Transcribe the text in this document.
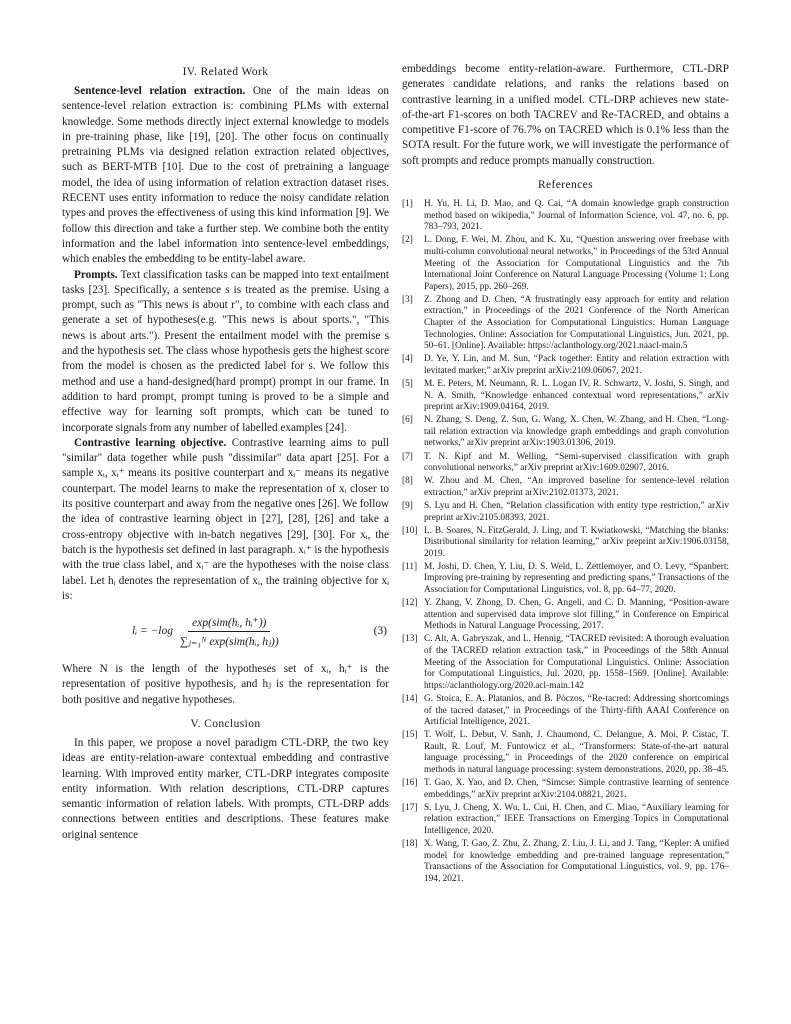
IV. Related Work

Sentence-level relation extraction. One of the main ideas on sentence-level relation extraction is: combining PLMs with external knowledge. Some methods directly inject external knowledge to models in pre-training phase, like [19], [20]. The other focus on continually pretraining PLMs via designed relation extraction related objectives, such as BERT-MTB [10]. Due to the cost of pretraining a language model, the idea of using information of relation extraction dataset rises. RECENT uses entity information to reduce the noisy candidate relation types and proves the effectiveness of using this kind information [9]. We follow this direction and take a further step. We combine both the entity information and the label information into sentence-level embeddings, which enables the embedding to be entity-label aware.

Prompts. Text classification tasks can be mapped into text entailment tasks [23]. Specifically, a sentence s is treated as the premise. Using a prompt, such as "This news is about r", to combine with each class and generate a set of hypotheses(e.g. "This news is about sports.", "This news is about arts."). Present the entailment model with the premise s and the hypothesis set. The class whose hypothesis gets the highest score from the model is chosen as the predicted label for s. We follow this method and use a hand-designed(hard prompt) prompt in our frame. In addition to hard prompt, prompt tuning is proved to be a simple and effective way for learning soft prompts, which can be tuned to incorporate signals from any number of labelled examples [24].

Contrastive learning objective. Contrastive learning aims to pull "similar" data together while push "dissimilar" data apart [25]. For a sample xᵢ, xᵢ⁺ means its positive counterpart and xᵢ⁻ means its negative counterpart. The model learns to make the representation of xᵢ closer to its positive counterpart and away from the negative ones [26]. We follow the idea of contrastive learning object in [27], [28], [26] and take a cross-entropy objective with in-batch negatives [29], [30]. For xᵢ, the batch is the hypothesis set defined in last paragraph. xᵢ⁺ is the hypothesis with the true class label, and xᵢ⁻ are the hypotheses with the noise class label. Let hᵢ denotes the representation of xᵢ, the training objective for xᵢ is:

lᵢ = $-\log \frac{\text{exp(sim(hᵢ, hᵢ⁺))}}{\text{∑ⱼ₌₁ᴺ exp(sim(hᵢ, hⱼ))}}$	(3)

Where N is the length of the hypotheses set of xᵢ, hᵢ⁺ is the representation of positive hypothesis, and hⱼ is the representation for both positive and negative hypotheses.

V. Conclusion

In this paper, we propose a novel paradigm CTL-DRP, the two key ideas are entity-relation-aware contextual embedding and contrastive learning. With improved entity marker, CTL-DRP integrates composite entity information. With relation descriptions, CTL-DRP captures semantic information of relation labels. With prompts, CTL-DRP adds connections between entities and descriptions. These features make original sentence

embeddings become entity-relation-aware. Furthermore, CTL-DRP generates candidate relations, and ranks the relations based on contrastive learning in a unified model. CTL-DRP achieves new state-of-the-art F1-scores on both TACREV and Re-TACRED, and obtains a competitive F1-score of 76.7% on TACRED which is 0.1% less than the SOTA result. For the future work, we will investigate the performance of soft prompts and reduce prompts manually construction.

References
[1]	H. Yu, H. Li, D. Mao, and Q. Cai, “A domain knowledge graph construction method based on wikipedia,” Journal of Information Science, vol. 47, no. 6, pp. 783–793, 2021.
[2]	L. Dong, F. Wei, M. Zhou, and K. Xu, “Question answering over freebase with multi-column convolutional neural networks,” in Proceedings of the 53rd Annual Meeting of the Association for Computational Linguistics and the 7th International Joint Conference on Natural Language Processing (Volume 1: Long Papers), 2015, pp. 260–269.
[3]	Z. Zhong and D. Chen, “A frustratingly easy approach for entity and relation extraction,” in Proceedings of the 2021 Conference of the North American Chapter of the Association for Computational Linguistics: Human Language Technologies. Online: Association for Computational Linguistics, Jun. 2021, pp. 50–61. [Online]. Available: https://aclanthology.org/2021.naacl-main.5
[4]	D. Ye, Y. Lin, and M. Sun, “Pack together: Entity and relation extraction with levitated marker,” arXiv preprint arXiv:2109.06067, 2021.
[5]	M. E. Peters, M. Neumann, R. L. Logan IV, R. Schwartz, V. Joshi, S. Singh, and N. A. Smith, “Knowledge enhanced contextual word representations,” arXiv preprint arXiv:1909.04164, 2019.
[6]	N. Zhang, S. Deng, Z. Sun, G. Wang, X. Chen, W. Zhang, and H. Chen, “Long-tail relation extraction via knowledge graph embeddings and graph convolution networks,” arXiv preprint arXiv:1903.01306, 2019.
[7]	T. N. Kipf and M. Welling, “Semi-supervised classification with graph convolutional networks,” arXiv preprint arXiv:1609.02907, 2016.
[8]	W. Zhou and M. Chen, “An improved baseline for sentence-level relation extraction,” arXiv preprint arXiv:2102.01373, 2021.
[9]	S. Lyu and H. Chen, “Relation classification with entity type restriction,” arXiv preprint arXiv:2105.08393, 2021.
[10] L. B. Soares, N. FitzGerald, J. Ling, and T. Kwiatkowski, “Matching the blanks: Distributional similarity for relation learning,” arXiv preprint arXiv:1906.03158, 2019.
[11] M. Joshi, D. Chen, Y. Liu, D. S. Weld, L. Zettlemoyer, and O. Levy, “Spanbert: Improving pre-training by representing and predicting spans,” Transactions of the Association for Computational Linguistics, vol. 8, pp. 64–77, 2020.
[12] Y. Zhang, V. Zhong, D. Chen, G. Angeli, and C. D. Manning, “Position-aware attention and supervised data improve slot filling,” in Conference on Empirical Methods in Natural Language Processing, 2017.
[13] C. Alt, A. Gabryszak, and L. Hennig, “TACRED revisited: A thorough evaluation of the TACRED relation extraction task,” in Proceedings of the 58th Annual Meeting of the Association for Computational Linguistics. Online: Association for Computational Linguistics, Jul. 2020, pp. 1558–1569. [Online]. Available: https://aclanthology.org/2020.acl-main.142
[14] G. Stoica, E. A. Platanios, and B. Póczos, “Re-tacred: Addressing shortcomings of the tacred dataset,” in Proceedings of the Thirty-fifth AAAI Conference on Artificial Intelligence, 2021.
[15] T. Wolf, L. Debut, V. Sanh, J. Chaumond, C. Delangue, A. Moi, P. Cistac, T. Rault, R. Louf, M. Funtowicz et al., “Transformers: State-of-the-art natural language processing,” in Proceedings of the 2020 conference on empirical methods in natural language processing: system demonstrations, 2020, pp. 38–45.
[16] T. Gao, X. Yao, and D. Chen, “Simcse: Simple contrastive learning of sentence embeddings,” arXiv preprint arXiv:2104.08821, 2021.
[17] S. Lyu, J. Cheng, X. Wu, L. Cui, H. Chen, and C. Miao, “Auxiliary learning for relation extraction,” IEEE Transactions on Emerging Topics in Computational Intelligence, 2020.
[18] X. Wang, T. Gao, Z. Zhu, Z. Zhang, Z. Liu, J. Li, and J. Tang, “Kepler: A unified model for knowledge embedding and pre-trained language representation,” Transactions of the Association for Computational Linguistics, vol. 9, pp. 176–194, 2021.
